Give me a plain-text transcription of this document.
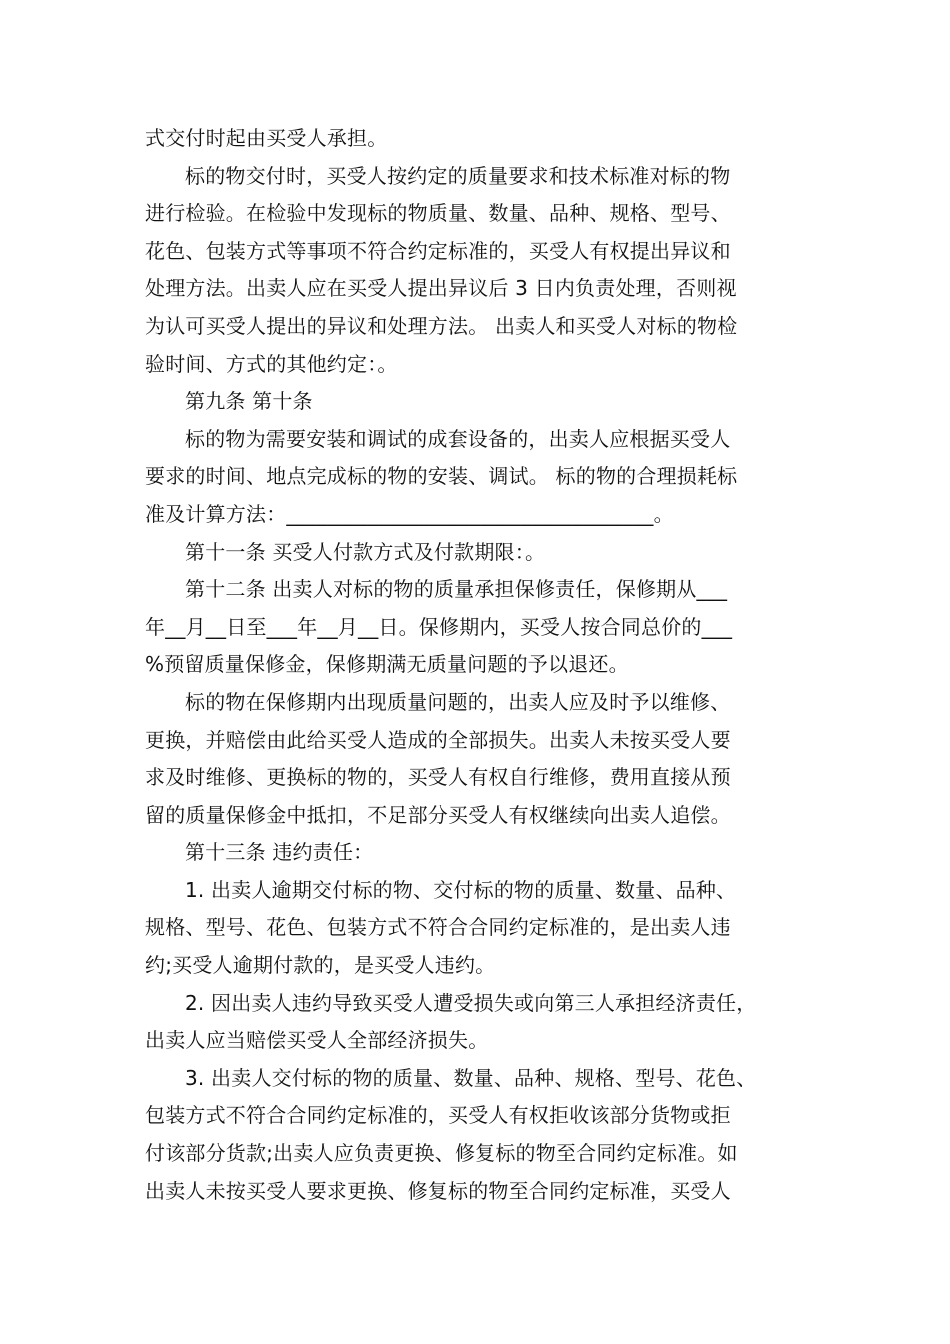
式交付时起由买受人承担。

标的物交付时，买受人按约定的质量要求和技术标准对标的物
进行检验。在检验中发现标的物质量、数量、品种、规格、型号、
花色、包装方式等事项不符合约定标准的，买受人有权提出异议和
处理方法。出卖人应在买受人提出异议后 3 日内负责处理，否则视
为认可买受人提出的异议和处理方法。 出卖人和买受人对标的物检
验时间、方式的其他约定：。

第九条 第十条

标的物为需要安装和调试的成套设备的，出卖人应根据买受人
要求的时间、地点完成标的物的安装、调试。 标的物的合理损耗标
准及计算方法：____________________________________。

第十一条 买受人付款方式及付款期限：。

第十二条 出卖人对标的物的质量承担保修责任，保修期从___
年__月__日至___年__月__日。保修期内，买受人按合同总价的___
%预留质量保修金，保修期满无质量问题的予以退还。

标的物在保修期内出现质量问题的，出卖人应及时予以维修、
更换，并赔偿由此给买受人造成的全部损失。出卖人未按买受人要
求及时维修、更换标的物的，买受人有权自行维修，费用直接从预
留的质量保修金中抵扣，不足部分买受人有权继续向出卖人追偿。

第十三条 违约责任：

1. 出卖人逾期交付标的物、交付标的物的质量、数量、品种、
规格、型号、花色、包装方式不符合合同约定标准的，是出卖人违
约;买受人逾期付款的，是买受人违约。

2. 因出卖人违约导致买受人遭受损失或向第三人承担经济责任，
出卖人应当赔偿买受人全部经济损失。

3. 出卖人交付标的物的质量、数量、品种、规格、型号、花色、
包装方式不符合合同约定标准的，买受人有权拒收该部分货物或拒
付该部分货款;出卖人应负责更换、修复标的物至合同约定标准。如
出卖人未按买受人要求更换、修复标的物至合同约定标准，买受人
